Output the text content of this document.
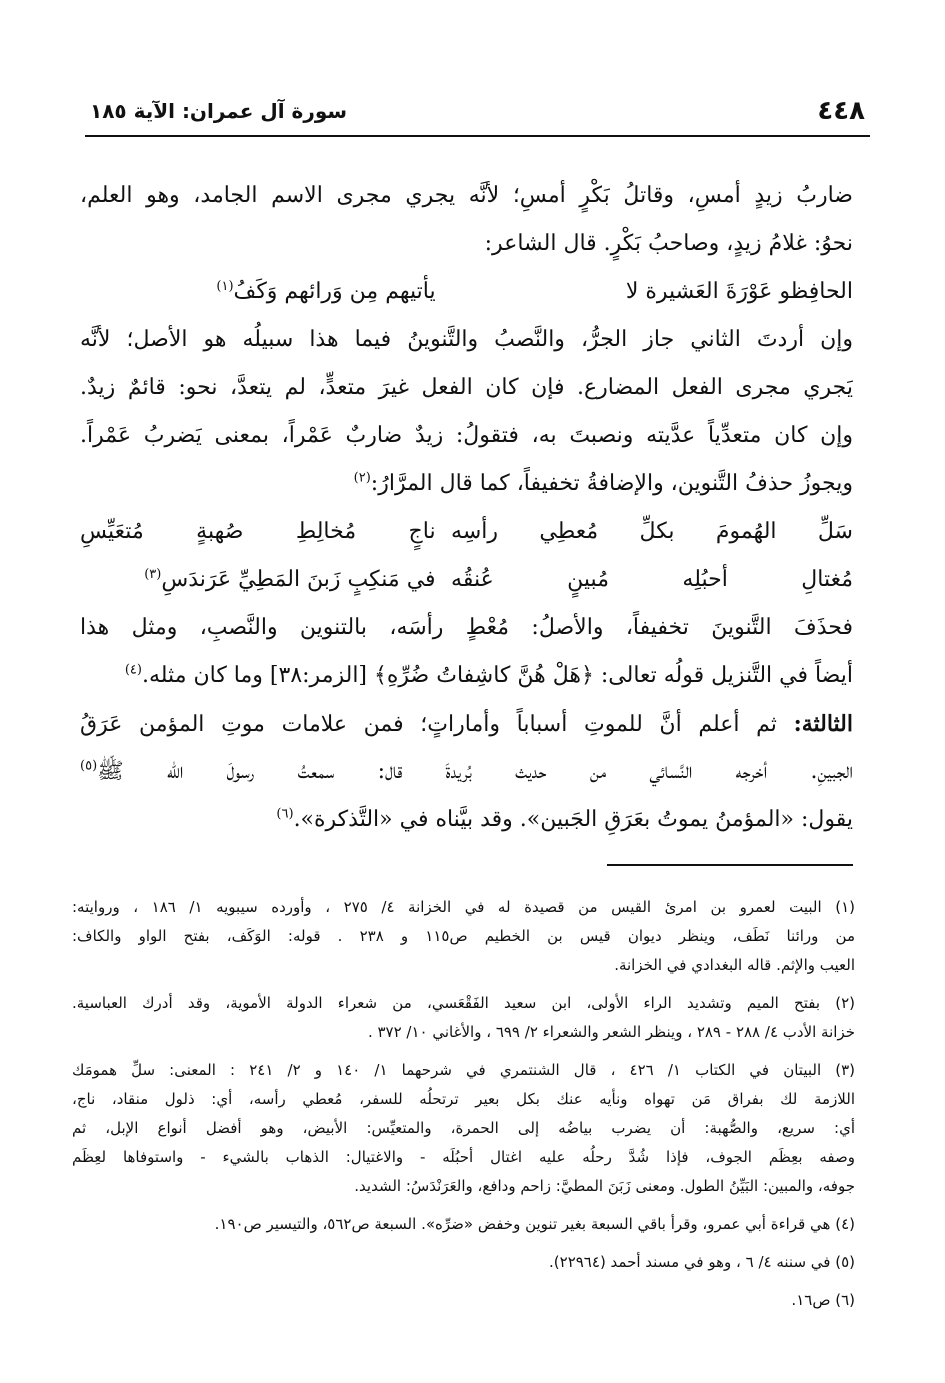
٤٤٨
سورة آل عمران: الآية ١٨٥
ضاربُ زيدٍ أمسِ، وقاتلُ بَكْرٍ أمسِ؛ لأنَّه يجري مجرى الاسم الجامد، وهو العلم،
نحوُ: غلامُ زيدٍ، وصاحبُ بَكْرٍ. قال الشاعر:
الحافِظو عَوْرَةَ العَشيرة لا
يأتيهم مِن وَرائهم وَكَفُ(١)
وإن أردتَ الثاني جاز الجرُّ، والنَّصبُ والتَّنوينُ فيما هذا سبيلُه هو الأصل؛ لأنَّه
يَجري مجرى الفعل المضارع. فإن كان الفعل غيرَ متعدٍّ، لم يتعدَّ، نحو: قائمٌ زيدٌ.
وإن كان متعدِّياً عدَّيته ونصبتَ به، فتقولُ: زيدٌ ضاربٌ عَمْراً، بمعنى يَضربُ عَمْراً.
ويجوزُ حذفُ التَّنوين، والإضافةُ تخفيفاً، كما قال المرَّارُ:$^{(٢)}$
سَلِّ الهُمومَ بكلِّ مُعطِي رأسِه
ناجٍ مُخالِطِ صُهبةٍ مُتعَيِّسِ
مُغتالِ أحبُلِه مُبينٍ عُنقُه
في مَنكِبٍ زَبنَ المَطِيِّ عَرَندَسِ(٣)
فحذَفَ التَّنوينَ تخفيفاً، والأصلُ: مُعْطٍ رأسَه، بالتنوين والنَّصبِ، ومثل هذا
أيضاً في التَّنزيل قولُه تعالى: ﴿هَلْ هُنَّ كاشِفاتُ ضُرِّهِ﴾ [الزمر:٣٨] وما كان مثله.$^{(٤)}$
الثالثة: ثم أعلم أنَّ للموتِ أسباباً وأماراتٍ؛ فمن علامات موتِ المؤمن عَرَقُ
الجبينِ. أخرجه النَّسائي من حديث بُريدةَ قال: سمعتُ رسولَ الله ﷺ$^{(٥)}$
يقول: «المؤمنُ يموتُ بعَرَقِ الجَبين». وقد بيَّناه في «التَّذكرة».$^{(٦)}$
(١) البيت لعمرو بن امرئ القيس من قصيدة له في الخزانة ٤/ ٢٧٥ ، وأورده سيبويه ١/ ١٨٦ ، وروايته:
من ورائنا نَطَف، وينظر ديوان قيس بن الخطيم ص١١٥ و ٢٣٨ . قوله: الوَكَف، بفتح الواو والكاف:
العيب والإثم. قاله البغدادي في الخزانة.
(٢) بفتح الميم وتشديد الراء الأولى، ابن سعيد الفَقْعَسي، من شعراء الدولة الأموية، وقد أدرك العباسية.
خزانة الأدب ٤/ ٢٨٨ - ٢٨٩ ، وينظر الشعر والشعراء ٢/ ٦٩٩ ، والأغاني ١٠/ ٣٧٢ .
(٣) البيتان في الكتاب ١/ ٤٢٦ ، قال الشنتمري في شرحهما ١/ ١٤٠ و ٢/ ٢٤١ : المعنى: سلِّ همومَك
اللازمة لك بفراق مَن تهواه ونأيه عنك بكل بعير ترتحلُه للسفر، مُعطي رأسه، أي: ذلول منقاد، ناج،
أي: سريع، والصُّهبة: أن يضرب بياضُه إلى الحمرة، والمتعيِّس: الأبيض، وهو أفضل أنواع الإبل، ثم
وصفه بعِظَم الجوف، فإذا شُدَّ رحلُه عليه اغتال أحبُلَه - والاغتيال: الذهاب بالشيء - واستوفاها لعِظَم
جوفه، والمبين: البَيِّنُ الطول. ومعنى زَبَنَ المطيَّ: زاحم ودافع، والعَرَنْدَسُ: الشديد.
(٤) هي قراءة أبي عمرو، وقرأ باقي السبعة بغير تنوين وخفض «ضرِّه». السبعة ص٥٦٢، والتيسير ص١٩٠.
(٥) في سننه ٤/ ٦ ، وهو في مسند أحمد (٢٢٩٦٤).
(٦) ص١٦.
